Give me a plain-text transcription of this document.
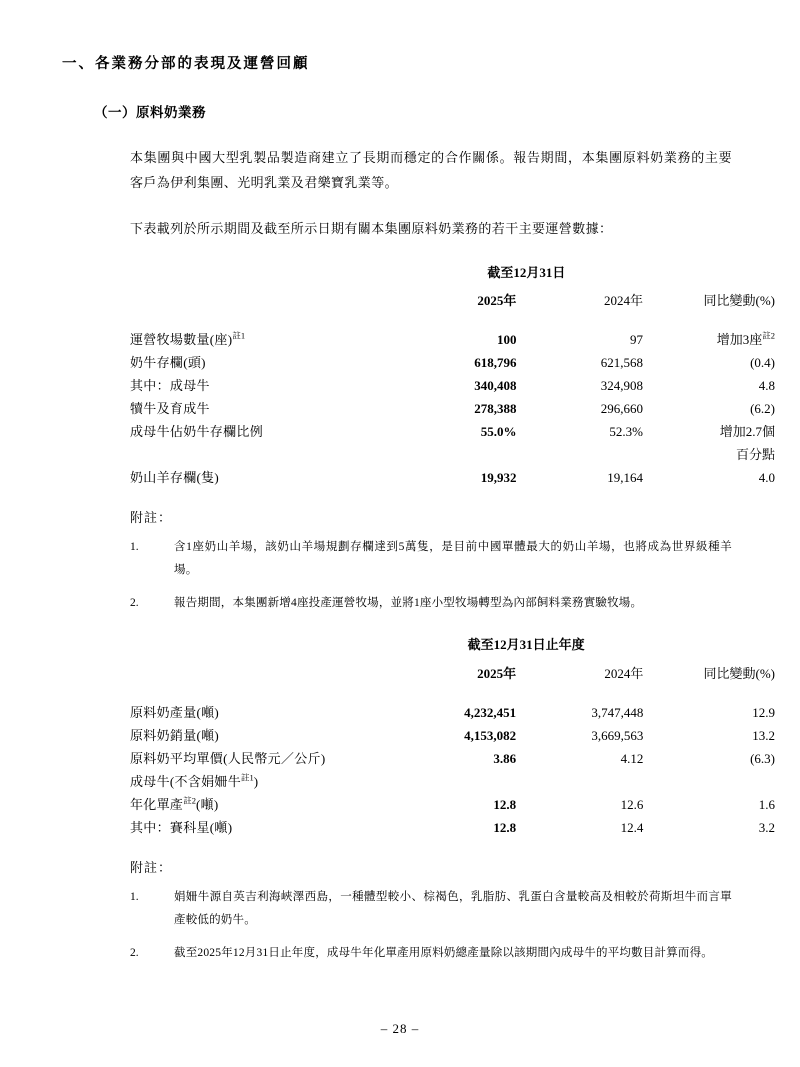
一、各業務分部的表現及運營回顧
（一）原料奶業務

本集團與中國大型乳製品製造商建立了長期而穩定的合作關係。報告期間，本集團原料奶業務的主要客戶為伊利集團、光明乳業及君樂寶乳業等。

下表載列於所示期間及截至所示日期有關本集團原料奶業務的若干主要運營數據：

	截至12月31日		
	2025年	2024年	同比變動(%)

運營牧場數量(座)$^{註1}$	100	97	增加3座$^{註2}$
奶牛存欄(頭)	618,796	621,568	(0.4)
其中：成母牛	340,408	324,908	4.8
犢牛及育成牛	278,388	296,660	(6.2)
成母牛佔奶牛存欄比例	55.0%	52.3%	增加2.7個
			百分點
奶山羊存欄(隻)	19,932	19,164	4.0
附註：
1.	含1座奶山羊場，該奶山羊場規劃存欄達到5萬隻，是目前中國單體最大的奶山羊場，也將成為世界級種羊場。
2.	報告期間，本集團新增4座投產運營牧場，並將1座小型牧場轉型為內部飼料業務實驗牧場。
	截至12月31日止年度		
	2025年	2024年	同比變動(%)

原料奶產量(噸)	4,232,451	3,747,448	12.9
原料奶銷量(噸)	4,153,082	3,669,563	13.2
原料奶平均單價(人民幣元／公斤)	3.86	4.12	(6.3)
成母牛(不含娟姍牛$^{註1}$)			
年化單產$^{註2}$(噸)	12.8	12.6	1.6
其中：賽科星(噸)	12.8	12.4	3.2
附註：
1.	娟姍牛源自英吉利海峽澤西島，一種體型較小、棕褐色，乳脂肪、乳蛋白含量較高及相較於荷斯坦牛而言單產較低的奶牛。
2.	截至2025年12月31日止年度，成母牛年化單產用原料奶總產量除以該期間內成母牛的平均數目計算而得。
– 28 –
